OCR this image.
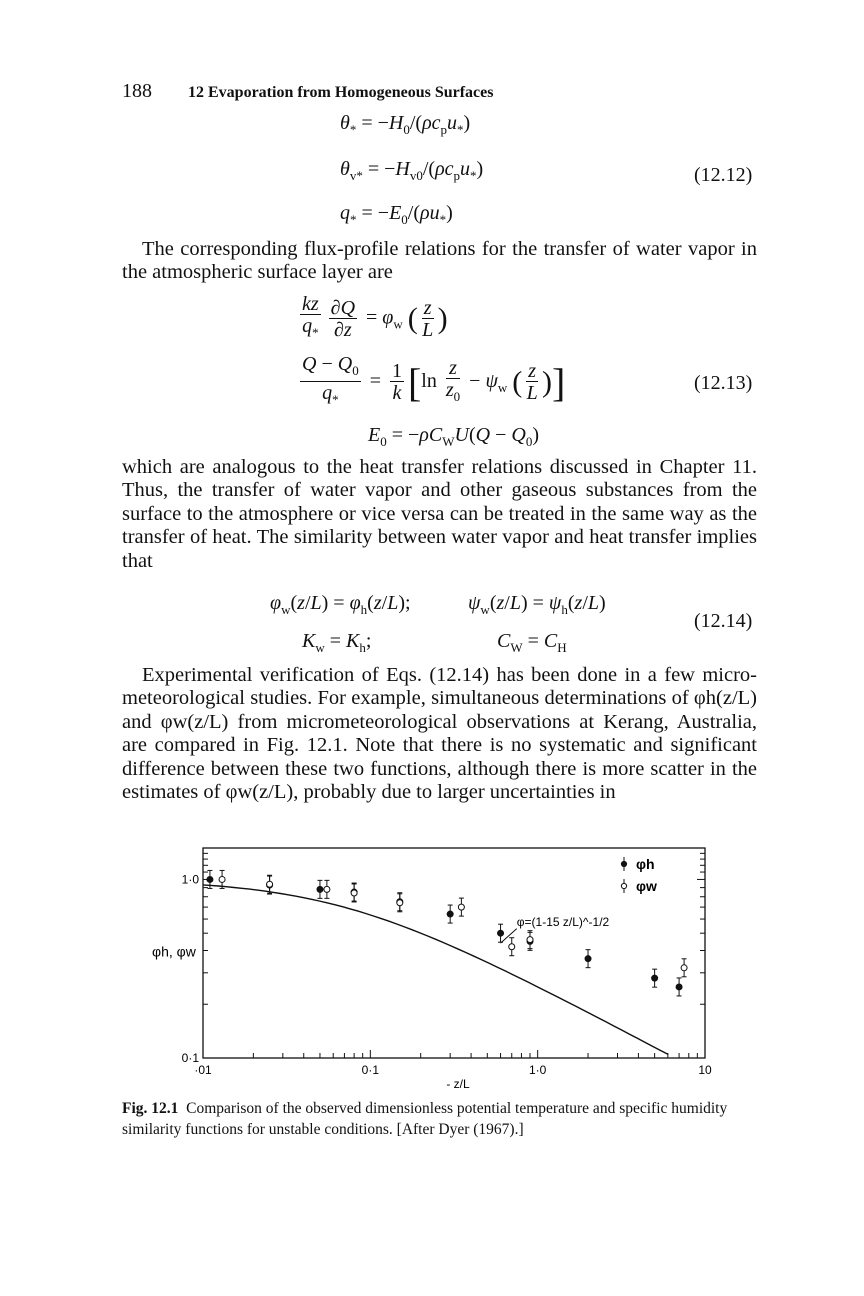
188 12 Evaporation from Homogeneous Surfaces
$\theta_* = -H_0/(\rho c_pu_*)$
$\theta_{v*} = -H_{v0}/(\rho c_pu_*)$
$q_* = -E_0/(\rho u_*)$
(12.12)

The corresponding flux-profile relations for the transfer of water vapor in the atmospheric surface layer are

$\frac{kz}{q_*} \frac{\partial Q}{\partial z} = \varphi_w$ ( $\frac{z}{L}$ )
$\frac{Q - Q_0}{q_*} = \frac{1}{k} [\ln \frac{z}{z_0} - \psi_w$ ( $\frac{z}{L}$ )]
$E_0 = -\rho C_WU(Q - Q_0)$
(12.13)

which are analogous to the heat transfer relations discussed in Chapter 11. Thus, the transfer of water vapor and other gaseous substances from the surface to the atmosphere or vice versa can be treated in the same way as the transfer of heat. The similarity between water vapor and heat transfer implies that

$\varphi_w(z/L) = \varphi_h(z/L)$;	$\psi_w(z/L) = \psi_h(z/L)$
$K_w = K_h$;	$C_W = C_H$
(12.14)

Experimental verification of Eqs. (12.14) has been done in a few micro-meteorological studies. For example, simultaneous determinations of φh(z/L) and φw(z/L) from micrometeorological observations at Kerang, Australia, are compared in Fig. 12.1. Note that there is no systematic and significant difference between these two functions, although there is more scatter in the estimates of φw(z/L), probably due to larger uncertainties in

·01	0·1	1·0	10
1·0
0·1
- z/L
φh, φw
φ=(1-15 z/L)^-1/2
φh
φw
Fig. 12.1 Comparison of the observed dimensionless potential temperature and specific humidity similarity functions for unstable conditions. [After Dyer (1967).]
